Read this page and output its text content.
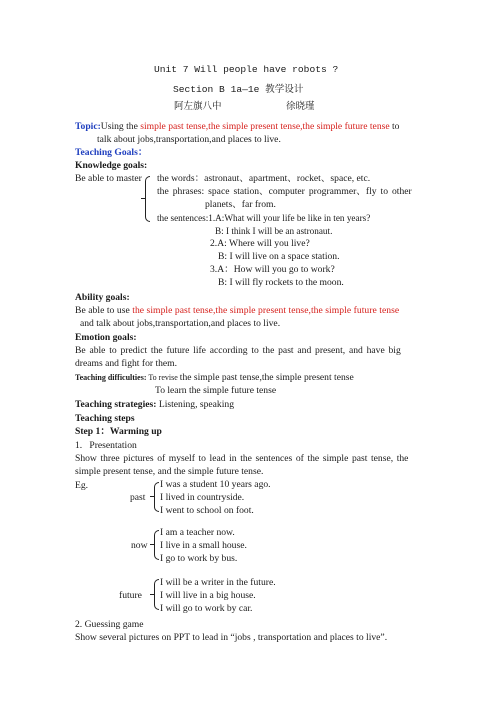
Unit 7 Will people have robots ?
Section B 1a—1e 教学设计
阿左旗八中	徐晓瑾
Topic:Using the simple past tense,the simple present tense,the simple future tense to
talk about jobs,transportation,and places to live.
Teaching Goals：
Knowledge goals:
Be able to master the words：astronaut、apartment、rocket、space, etc.
the phrases: space station、computer programmer、fly to other
planets、far from.
the sentences:1.A:What will your life be like in ten years?
B: I think I will be an astronaut.
2.A: Where will you live?
B: I will live on a space station.
3.A：How will you go to work?
B: I will fly rockets to the moon.
Ability goals:
Be able to use the simple past tense,the simple present tense,the simple future tense
and talk about jobs,transportation,and places to live.
Emotion goals:
Be able to predict the future life according to the past and present, and have big
dreams and fight for them.
Teaching difficulties: To revise the simple past tense,the simple present tense
To learn the simple future tense
Teaching strategies: Listening, speaking
Teaching steps
Step 1：Warming up
1.   Presentation
Show three pictures of myself to lead in the sentences of the simple past tense, the
simple present tense, and the simple future tense.
Eg.
past
I was a student 10 years ago.
I lived in countryside.
I went to school on foot.
now
I am a teacher now.
I live in a small house.
I go to work by bus.
future
I will be a writer in the future.
I will live in a big house.
I will go to work by car.
2. Guessing game
Show several pictures on PPT to lead in “jobs , transportation and places to live”.
